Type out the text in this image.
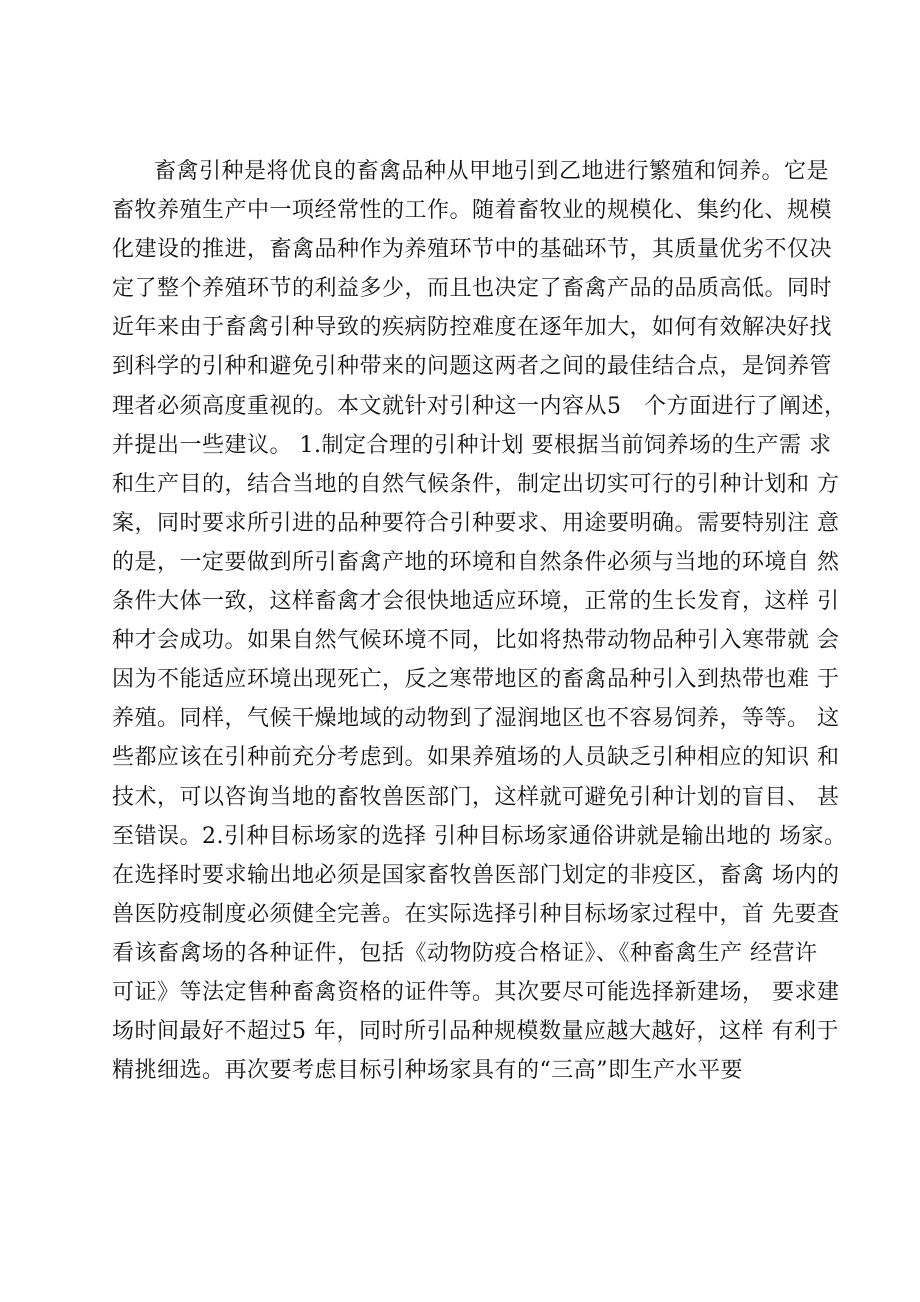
畜禽引种是将优良的畜禽品种从甲地引到乙地进行繁殖和饲养。它是
畜牧养殖生产中一项经常性的工作。随着畜牧业的规模化、集约化、规模
化建设的推进，畜禽品种作为养殖环节中的基础环节，其质量优劣不仅决
定了整个养殖环节的利益多少，而且也决定了畜禽产品的品质高低。同时
近年来由于畜禽引种导致的疾病防控难度在逐年加大，如何有效解决好找
到科学的引种和避免引种带来的问题这两者之间的最佳结合点，是饲养管
理者必须高度重视的。本文就针对引种这一内容从5　个方面进行了阐述，
并提出一些建议。 1.制定合理的引种计划 要根据当前饲养场的生产需 求
和生产目的，结合当地的自然气候条件，制定出切实可行的引种计划和 方
案，同时要求所引进的品种要符合引种要求、用途要明确。需要特别注 意
的是，一定要做到所引畜禽产地的环境和自然条件必须与当地的环境自 然
条件大体一致，这样畜禽才会很快地适应环境，正常的生长发育，这样 引
种才会成功。如果自然气候环境不同，比如将热带动物品种引入寒带就 会
因为不能适应环境出现死亡，反之寒带地区的畜禽品种引入到热带也难 于
养殖。同样，气候干燥地域的动物到了湿润地区也不容易饲养，等等。 这
些都应该在引种前充分考虑到。如果养殖场的人员缺乏引种相应的知识 和
技术，可以咨询当地的畜牧兽医部门，这样就可避免引种计划的盲目、 甚
至错误。2.引种目标场家的选择 引种目标场家通俗讲就是输出地的 场家。
在选择时要求输出地必须是国家畜牧兽医部门划定的非疫区，畜禽 场内的
兽医防疫制度必须健全完善。在实际选择引种目标场家过程中，首 先要查
看该畜禽场的各种证件，包括《动物防疫合格证》、《种畜禽生产 经营许
可证》等法定售种畜禽资格的证件等。其次要尽可能选择新建场， 要求建
场时间最好不超过5 年，同时所引品种规模数量应越大越好，这样 有利于
精挑细选。再次要考虑目标引种场家具有的“三高”即生产水平要
